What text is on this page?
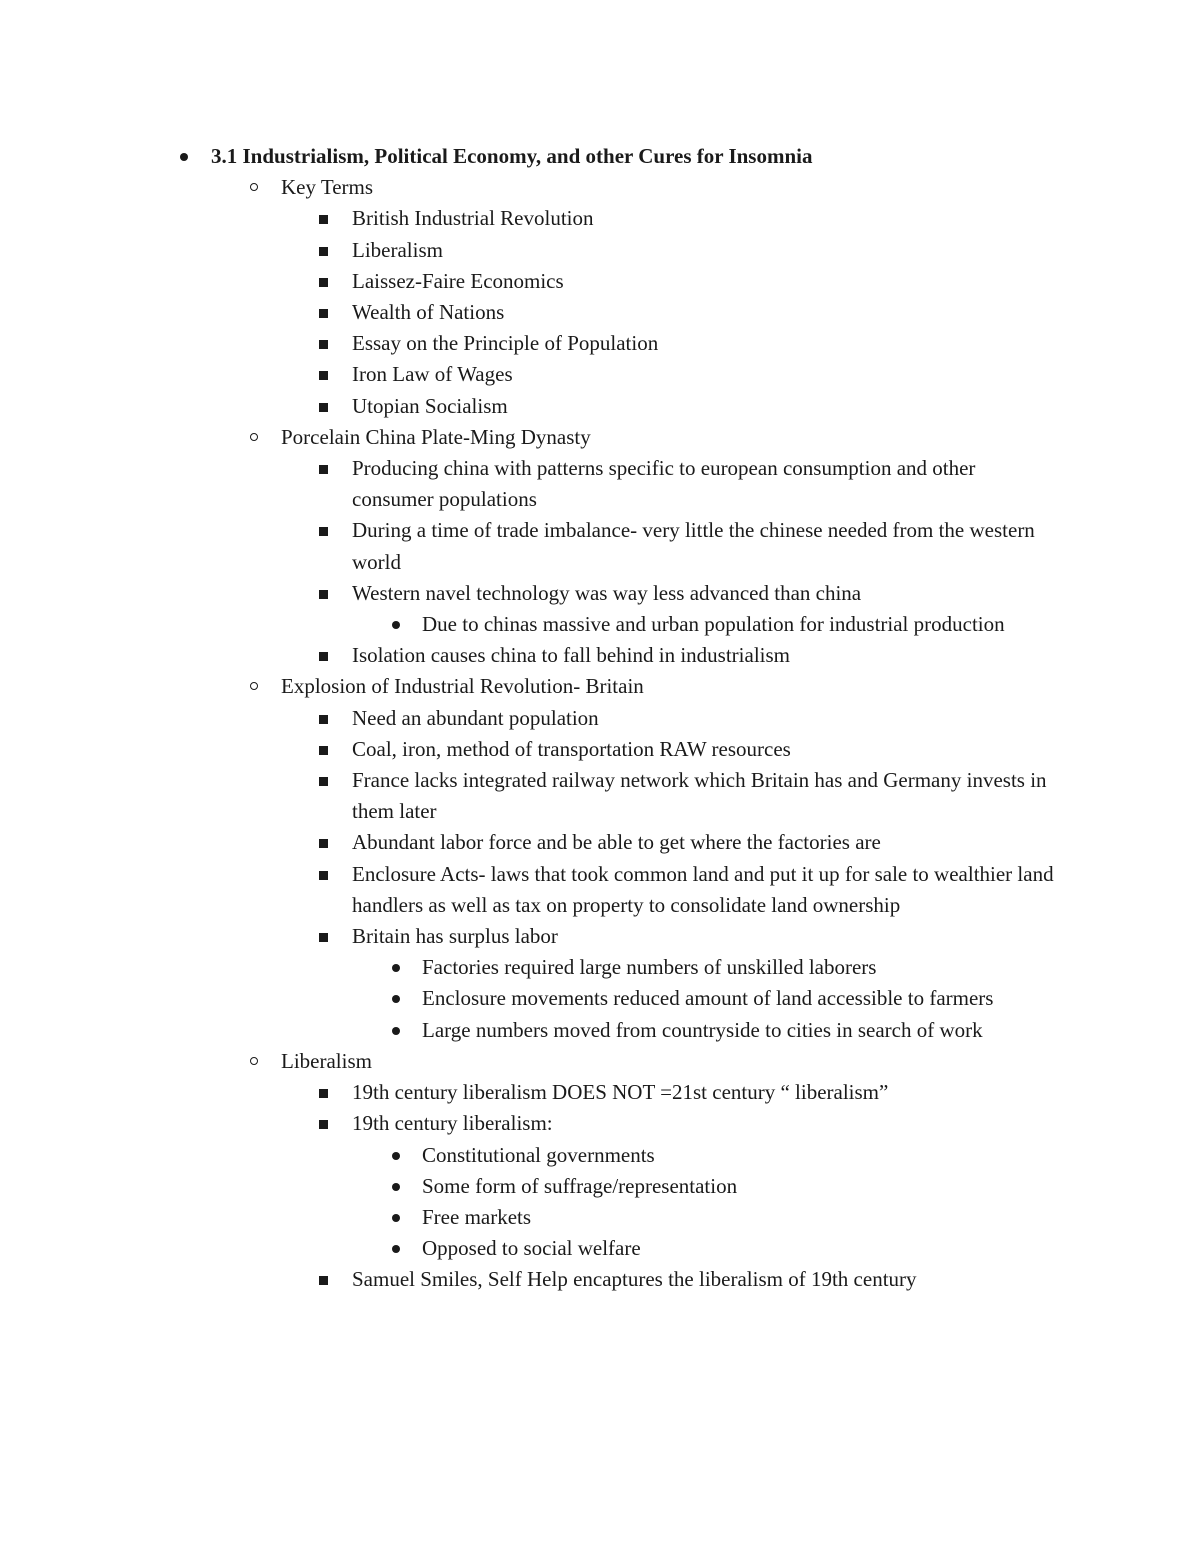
3.1 Industrialism, Political Economy, and other Cures for Insomnia
Key Terms
British Industrial Revolution
Liberalism
Laissez-Faire Economics
Wealth of Nations
Essay on the Principle of Population
Iron Law of Wages
Utopian Socialism
Porcelain China Plate-Ming Dynasty
Producing china with patterns specific to european consumption and other consumer populations
During a time of trade imbalance- very little the chinese needed from the western world
Western navel technology was way less advanced than china
Due to chinas massive and urban population for industrial production
Isolation causes china to fall behind in industrialism
Explosion of Industrial Revolution- Britain
Need an abundant population
Coal, iron, method of transportation RAW resources
France lacks integrated railway network which Britain has and Germany invests in them later
Abundant labor force and be able to get where the factories are
Enclosure Acts- laws that took common land and put it up for sale to wealthier land handlers as well as tax on property to consolidate land ownership
Britain has surplus labor
Factories required large numbers of unskilled laborers
Enclosure movements reduced amount of land accessible to farmers
Large numbers moved from countryside to cities in search of work
Liberalism
19th century liberalism DOES NOT =21st century “ liberalism”
19th century liberalism:
Constitutional governments
Some form of suffrage/representation
Free markets
Opposed to social welfare
Samuel Smiles, Self Help encaptures the liberalism of 19th century
